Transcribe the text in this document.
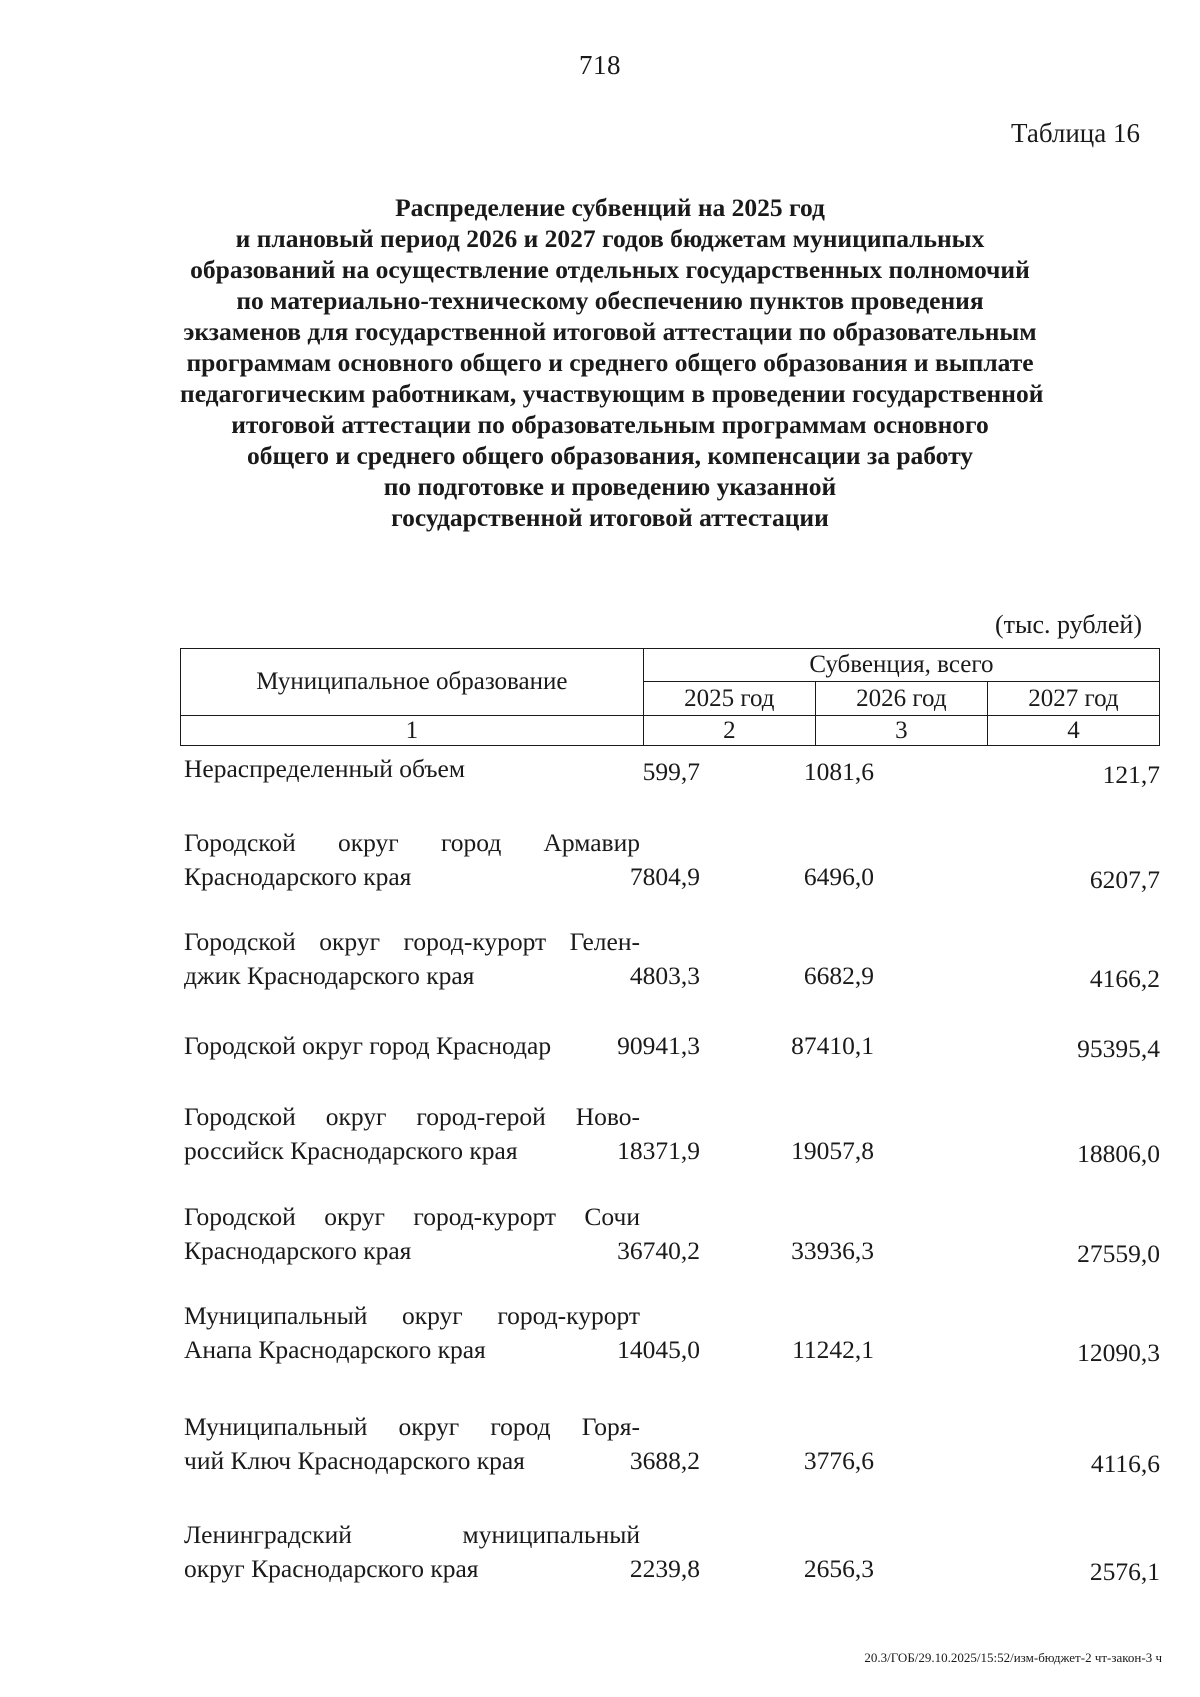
718
Таблица 16
Распределение субвенций на 2025 год
и плановый период 2026 и 2027 годов бюджетам муниципальных
образований на осуществление отдельных государственных полномочий
по материально-техническому обеспечению пунктов проведения
экзаменов для государственной итоговой аттестации по образовательным
программам основного общего и среднего общего образования и выплате
педагогическим работникам, участвующим в проведении государственной
итоговой аттестации по образовательным программам основного
общего и среднего общего образования, компенсации за работу
по подготовке и проведению указанной
государственной итоговой аттестации
(тыс. рублей)
Муниципальное образование	Субвенция, всего		
	2025 год	2026 год	2027 год
1	2	3	4
Нераспределенный объем	599,7	1081,6	121,7
Городской округ город Армавир
Краснодарского края	7804,9	6496,0	6207,7
Городской округ город-курорт Гелен-
джик Краснодарского края	4803,3	6682,9	4166,2
Городской округ город Краснодар	90941,3	87410,1	95395,4
Городской округ город-герой Ново-
российск Краснодарского края	18371,9	19057,8	18806,0
Городской округ город-курорт Сочи
Краснодарского края	36740,2	33936,3	27559,0
Муниципальный округ город-курорт
Анапа Краснодарского края	14045,0	11242,1	12090,3
Муниципальный округ город Горя-
чий Ключ Краснодарского края	3688,2	3776,6	4116,6
Ленинградский муниципальный
округ Краснодарского края	2239,8	2656,3	2576,1
20.3/ГОБ/29.10.2025/15:52/изм-бюджет-2 чт-закон-3 ч
